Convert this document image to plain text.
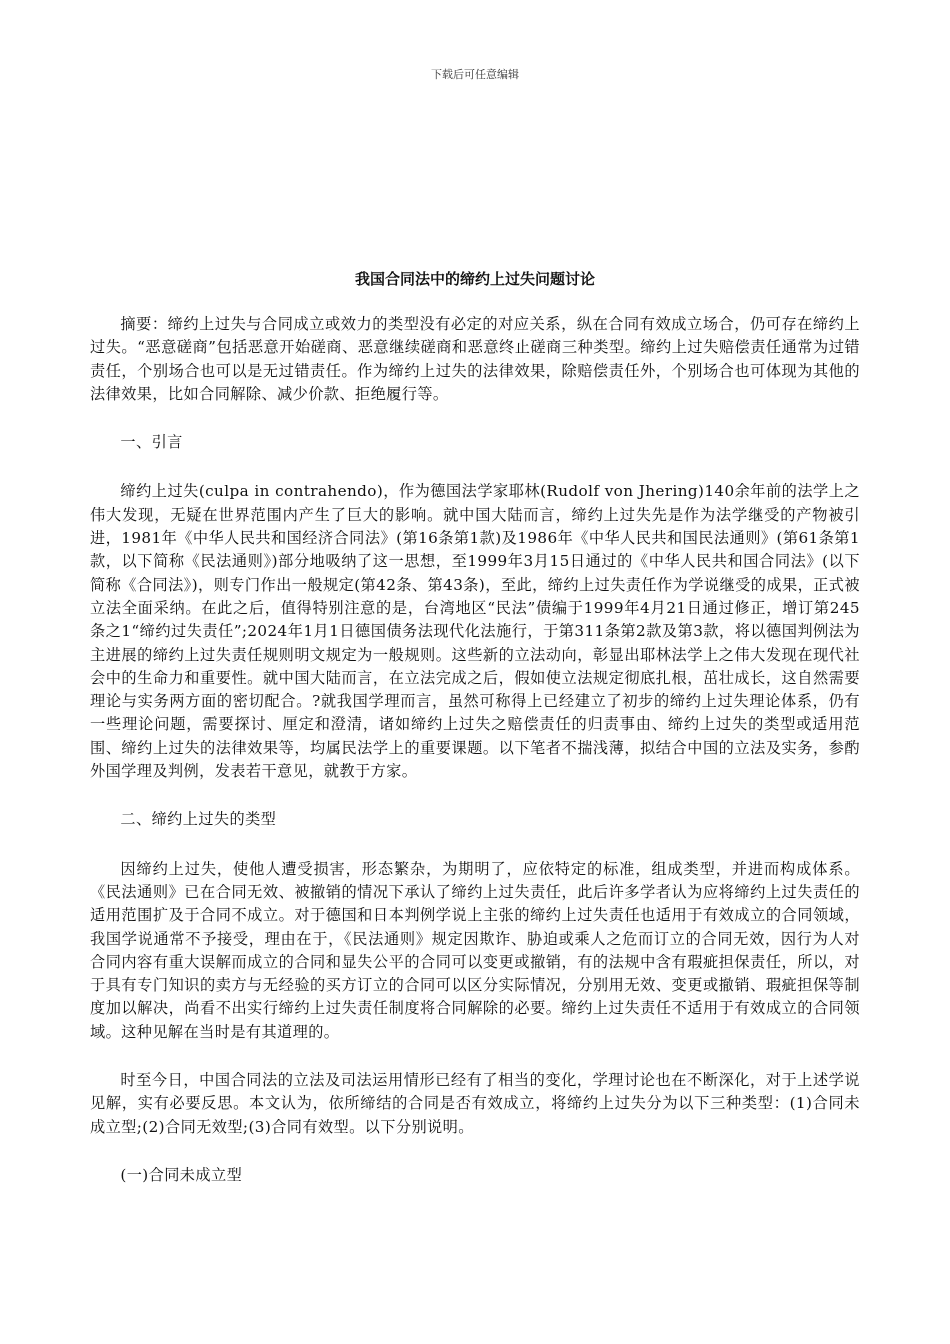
下载后可任意编辑
我国合同法中的缔约上过失问题讨论

摘要：缔约上过失与合同成立或效力的类型没有必定的对应关系，纵在合同有效成立场合，仍可存在缔约上过失。“恶意磋商”包括恶意开始磋商、恶意继续磋商和恶意终止磋商三种类型。缔约上过失赔偿责任通常为过错责任，个别场合也可以是无过错责任。作为缔约上过失的法律效果，除赔偿责任外，个别场合也可体现为其他的法律效果，比如合同解除、减少价款、拒绝履行等。

一、引言

缔约上过失(culpa in contrahendo)，作为德国法学家耶林(Rudolf von Jhering)140余年前的法学上之伟大发现，无疑在世界范围内产生了巨大的影响。就中国大陆而言，缔约上过失先是作为法学继受的产物被引进，1981年《中华人民共和国经济合同法》(第16条第1款)及1986年《中华人民共和国民法通则》(第61条第1款，以下简称《民法通则》)部分地吸纳了这一思想，至1999年3月15日通过的《中华人民共和国合同法》(以下简称《合同法》)，则专门作出一般规定(第42条、第43条)，至此，缔约上过失责任作为学说继受的成果，正式被立法全面采纳。在此之后，值得特别注意的是，台湾地区“民法”债编于1999年4月21日通过修正，增订第245条之1“缔约过失责任”;2024年1月1日德国债务法现代化法施行，于第311条第2款及第3款，将以德国判例法为主进展的缔约上过失责任规则明文规定为一般规则。这些新的立法动向，彰显出耶林法学上之伟大发现在现代社会中的生命力和重要性。就中国大陆而言，在立法完成之后，假如使立法规定彻底扎根，茁壮成长，这自然需要理论与实务两方面的密切配合。?就我国学理而言，虽然可称得上已经建立了初步的缔约上过失理论体系，仍有一些理论问题，需要探讨、厘定和澄清，诸如缔约上过失之赔偿责任的归责事由、缔约上过失的类型或适用范围、缔约上过失的法律效果等，均属民法学上的重要课题。以下笔者不揣浅薄，拟结合中国的立法及实务，参酌外国学理及判例，发表若干意见，就教于方家。

二、缔约上过失的类型

因缔约上过失，使他人遭受损害，形态繁杂，为期明了，应依特定的标准，组成类型，并进而构成体系。《民法通则》已在合同无效、被撤销的情况下承认了缔约上过失责任，此后许多学者认为应将缔约上过失责任的适用范围扩及于合同不成立。对于德国和日本判例学说上主张的缔约上过失责任也适用于有效成立的合同领域，我国学说通常不予接受，理由在于，《民法通则》规定因欺诈、胁迫或乘人之危而订立的合同无效，因行为人对合同内容有重大误解而成立的合同和显失公平的合同可以变更或撤销，有的法规中含有瑕疵担保责任，所以，对于具有专门知识的卖方与无经验的买方订立的合同可以区分实际情况，分别用无效、变更或撤销、瑕疵担保等制度加以解决，尚看不出实行缔约上过失责任制度将合同解除的必要。缔约上过失责任不适用于有效成立的合同领域。这种见解在当时是有其道理的。

时至今日，中国合同法的立法及司法运用情形已经有了相当的变化，学理讨论也在不断深化，对于上述学说见解，实有必要反思。本文认为，依所缔结的合同是否有效成立，将缔约上过失分为以下三种类型：(1)合同未成立型;(2)合同无效型;(3)合同有效型。以下分别说明。

(一)合同未成立型
